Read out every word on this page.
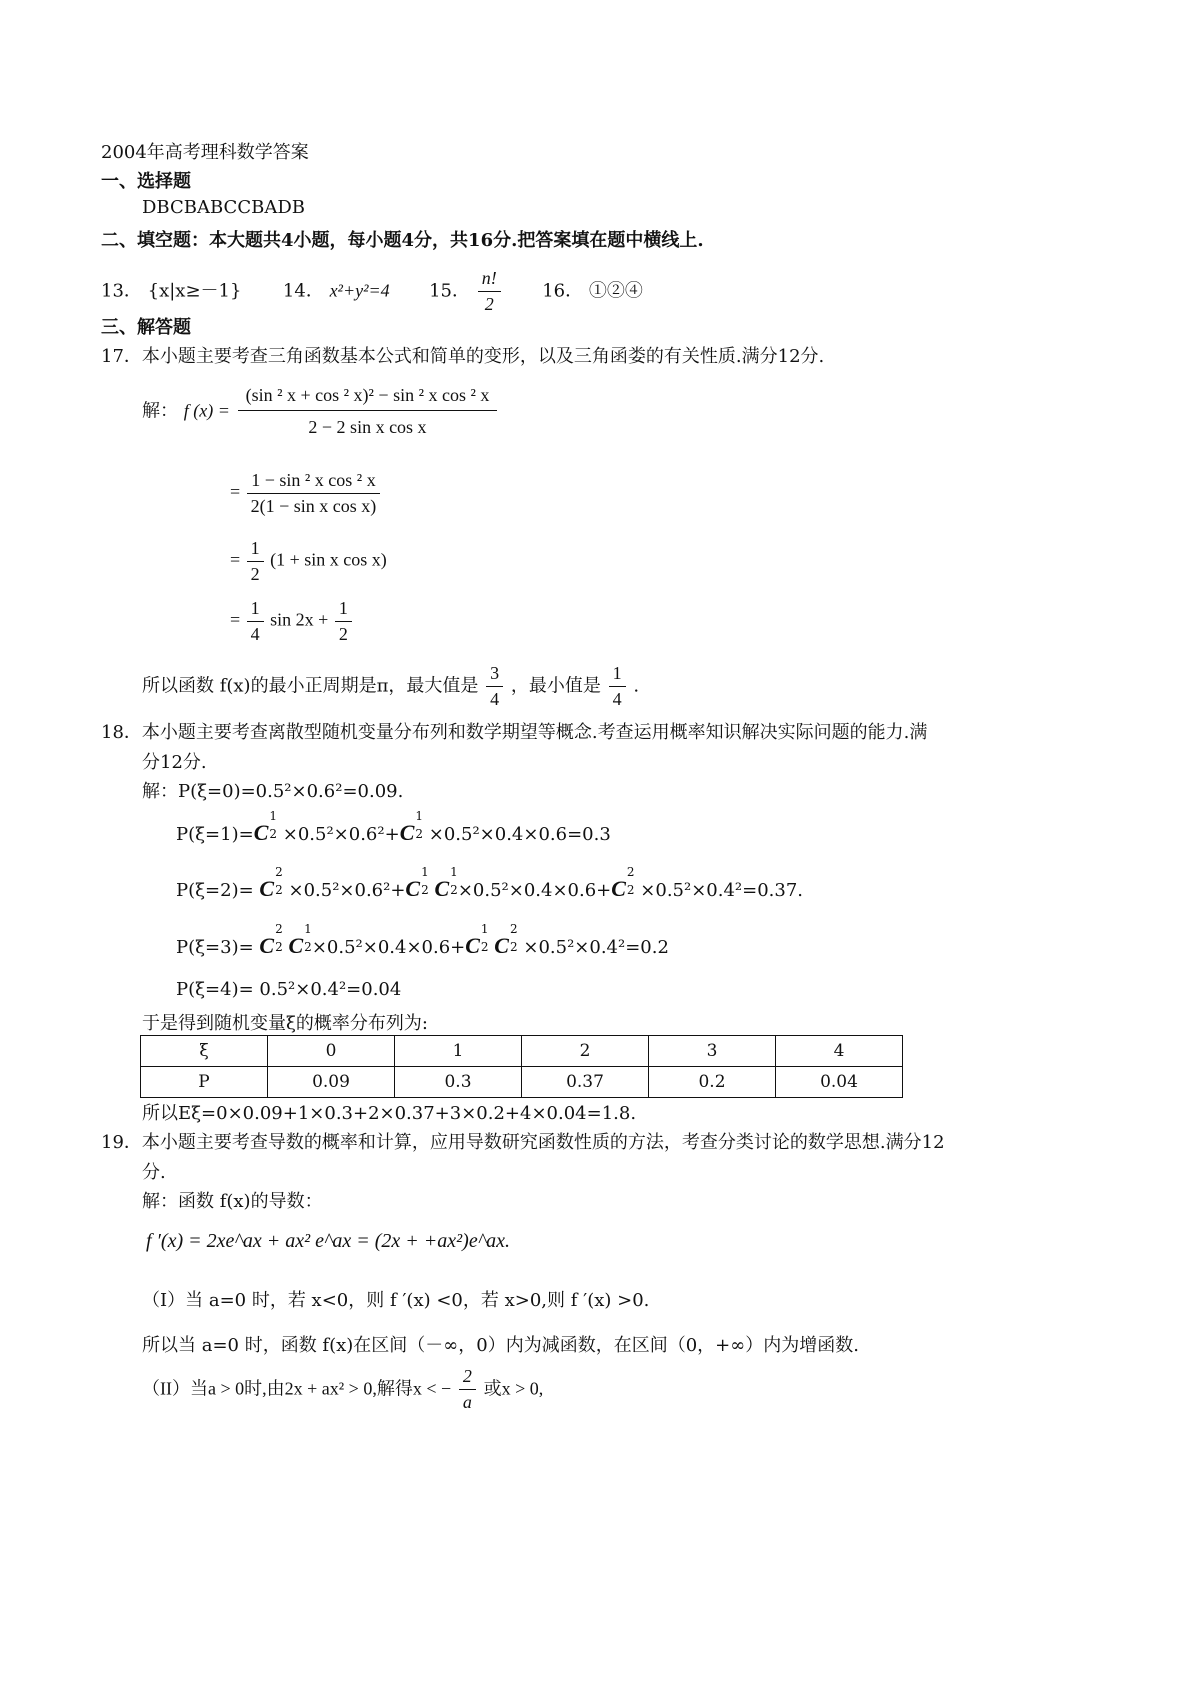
2004年高考理科数学答案
一、选择题
DBCBABCCBADB
二、填空题：本大题共4小题，每小题4分，共16分.把答案填在题中横线上.
13． {x|x≥－1} 14． x²+y²=4 15． $\frac{n!}{2} 16$． ①②④
三、解答题
17．本小题主要考查三角函数基本公式和简单的变形，以及三角函娄的有关性质.满分12分.
解： f $(x) = \frac{\text{(sin ² x + cos ² x)² − sin ² x cos ² x}}{\text{2 − 2 sin x cos x}}$
= $\frac{\text{1 − sin ² x cos ² x}}{\text{2(1 − sin x cos x)}}$
= $\frac{1}{2} (1 + \sin x$ cos x)
= $\frac{1}{4}$ $\sin 2x + \frac{1}{2}$
所以函数 f(x)的最小正周期是π，最大值是 $\frac{3}{4}$ ，最小值是 $\frac{1}{4}$ .
18．本小题主要考查离散型随机变量分布列和数学期望等概念.考查运用概率知识解决实际问题的能力.满
分12分.
解：P(ξ=0)=0.5²×0.6²=0.09.
P(ξ=1)=C
1
2 ×0.5²×0.6²+C
1
2 ×0.5²×0.4×0.6=0.3
P(ξ=2)= C
2
2 ×0.5²×0.6²+C
1
2 C
1
2 ×0.5²×0.4×0.6+C
2
2 ×0.5²×0.4²=0.37.
P(ξ=3)= C
2
2 C
1
2 ×0.5²×0.4×0.6+C
1
2 C
2
2 ×0.5²×0.4²=0.2
P(ξ=4)= 0.5²×0.4²=0.04
于是得到随机变量ξ的概率分布列为:
ξ	0	1	2	3	4
P	0.09	0.3	0.37	0.2	0.04
所以Eξ=0×0.09+1×0.3+2×0.37+3×0.2+4×0.04=1.8.
19．本小题主要考查导数的概率和计算，应用导数研究函数性质的方法，考查分类讨论的数学思想.满分12
分.
解：函数 f(x)的导数：
f ′(x) = 2xe^ax + ax² e^ax = (2x + +ax²)e^ax.
（I）当 a=0 时，若 x<0，则 f ′(x) <0，若 x>0,则 f ′(x) >0.
所以当 a=0 时，函数 f(x)在区间（－∞，0）内为减函数，在区间（0，+∞）内为增函数.
（II）当a > 0时,由2x + ax² > 0,解得x < − $\frac{2}{a}$ 或x > 0,
